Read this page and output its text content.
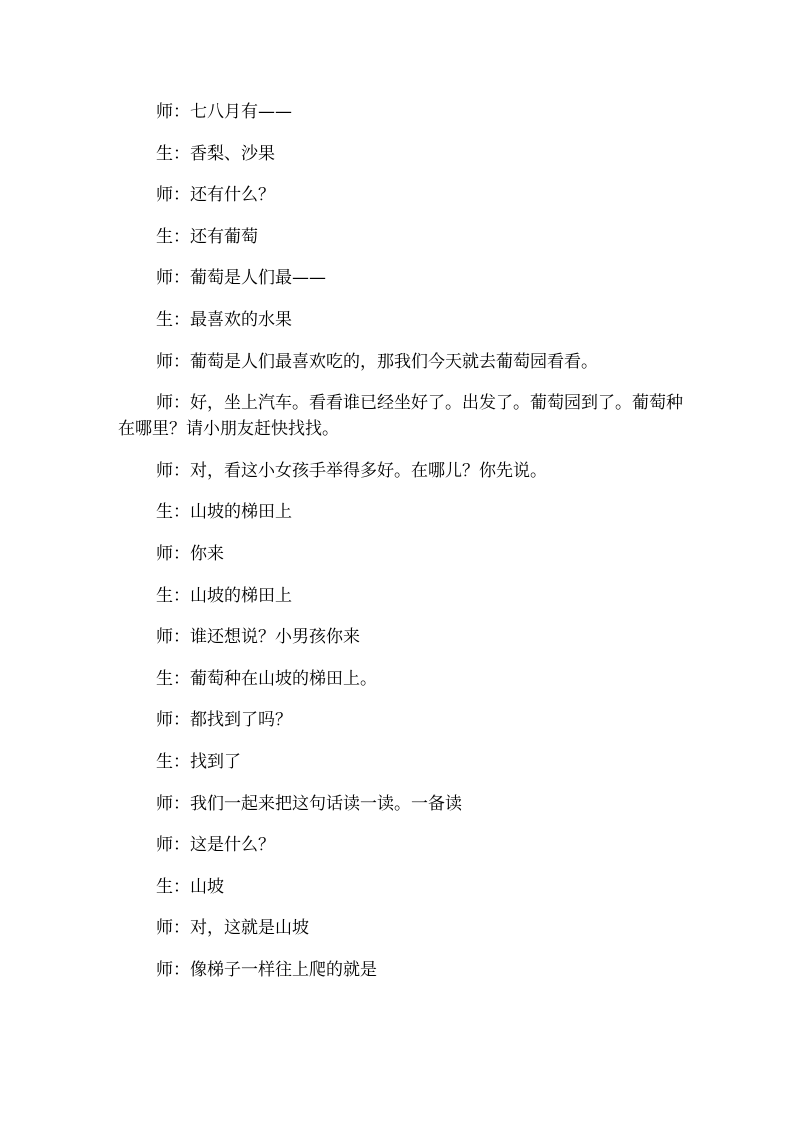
师：七八月有——

生：香梨、沙果

师：还有什么？

生：还有葡萄

师：葡萄是人们最——

生：最喜欢的水果

师：葡萄是人们最喜欢吃的，那我们今天就去葡萄园看看。

师：好，坐上汽车。看看谁已经坐好了。出发了。葡萄园到了。葡萄种在哪里？请小朋友赶快找找。

师：对，看这小女孩手举得多好。在哪儿？你先说。

生：山坡的梯田上

师：你来

生：山坡的梯田上

师：谁还想说？小男孩你来

生：葡萄种在山坡的梯田上。

师：都找到了吗？

生：找到了

师：我们一起来把这句话读一读。一备读

师：这是什么？

生：山坡

师：对，这就是山坡

师：像梯子一样往上爬的就是
